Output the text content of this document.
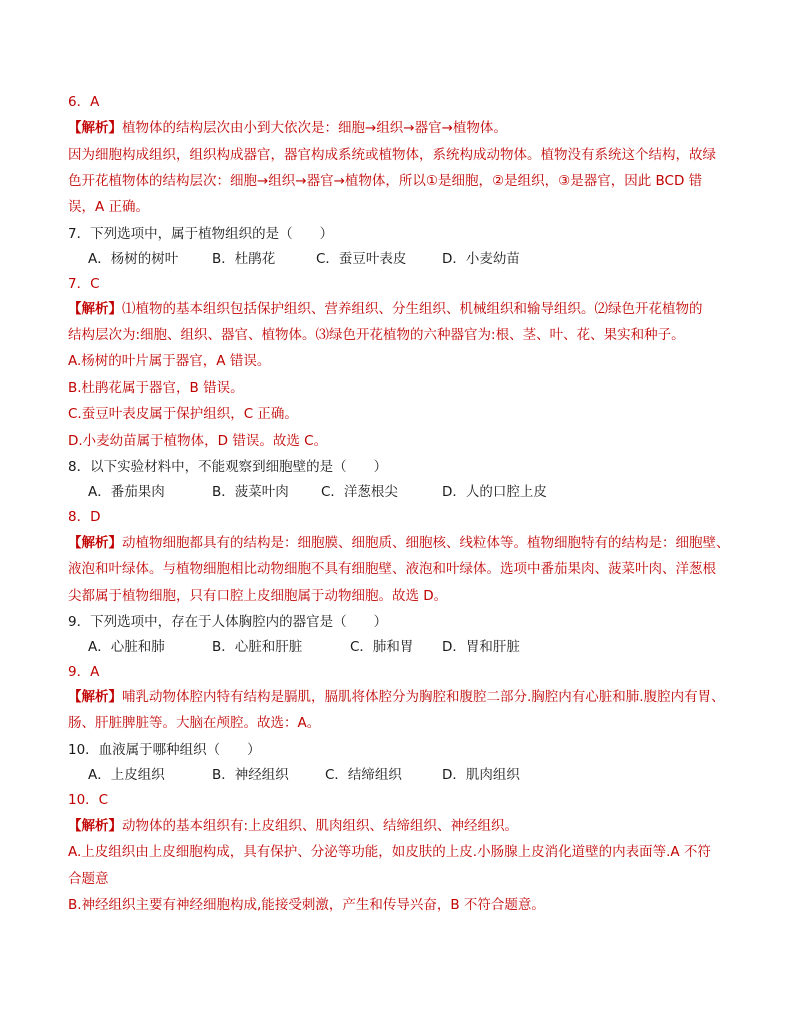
6．A
【解析】植物体的结构层次由小到大依次是：细胞→组织→器官→植物体。
因为细胞构成组织，组织构成器官，器官构成系统或植物体，系统构成动物体。植物没有系统这个结构，故绿
色开花植物体的结构层次：细胞→组织→器官→植物体，所以①是细胞，②是组织，③是器官，因此 BCD 错
误，A 正确。
7．下列选项中，属于植物组织的是（　　）
A．杨树的树叶	B．杜鹃花	C．蚕豆叶表皮	D．小麦幼苗
7．C
【解析】⑴植物的基本组织包括保护组织、营养组织、分生组织、机械组织和输导组织。⑵绿色开花植物的
结构层次为:细胞、组织、器官、植物体。⑶绿色开花植物的六种器官为:根、茎、叶、花、果实和种子。
A.杨树的叶片属于器官，A 错误。
B.杜鹃花属于器官，B 错误。
C.蚕豆叶表皮属于保护组织，C 正确。
D.小麦幼苗属于植物体，D 错误。故选 C。
8．以下实验材料中，不能观察到细胞壁的是（　　）
A．番茄果肉	B．菠菜叶肉 C．洋葱根尖	D．人的口腔上皮
8．D
【解析】动植物细胞都具有的结构是：细胞膜、细胞质、细胞核、线粒体等。植物细胞特有的结构是：细胞壁、
液泡和叶绿体。与植物细胞相比动物细胞不具有细胞壁、液泡和叶绿体。选项中番茄果肉、菠菜叶肉、洋葱根
尖都属于植物细胞，只有口腔上皮细胞属于动物细胞。故选 D。
9．下列选项中，存在于人体胸腔内的器官是（　　）
A．心脏和肺	B．心脏和肝脏	C．肺和胃 D．胃和肝脏
9．A
【解析】哺乳动物体腔内特有结构是膈肌，膈肌将体腔分为胸腔和腹腔二部分.胸腔内有心脏和肺.腹腔内有胃、
肠、肝脏脾脏等。大脑在颅腔。故选：A。
10．血液属于哪种组织（　　）
A．上皮组织	B．神经组织	C．结缔组织	D．肌肉组织
10．C
【解析】动物体的基本组织有:上皮组织、肌肉组织、结缔组织、神经组织。
A.上皮组织由上皮细胞构成，具有保护、分泌等功能，如皮肤的上皮.小肠腺上皮消化道壁的内表面等.A 不符
合题意
B.神经组织主要有神经细胞构成,能接受刺激，产生和传导兴奋，B 不符合题意。
